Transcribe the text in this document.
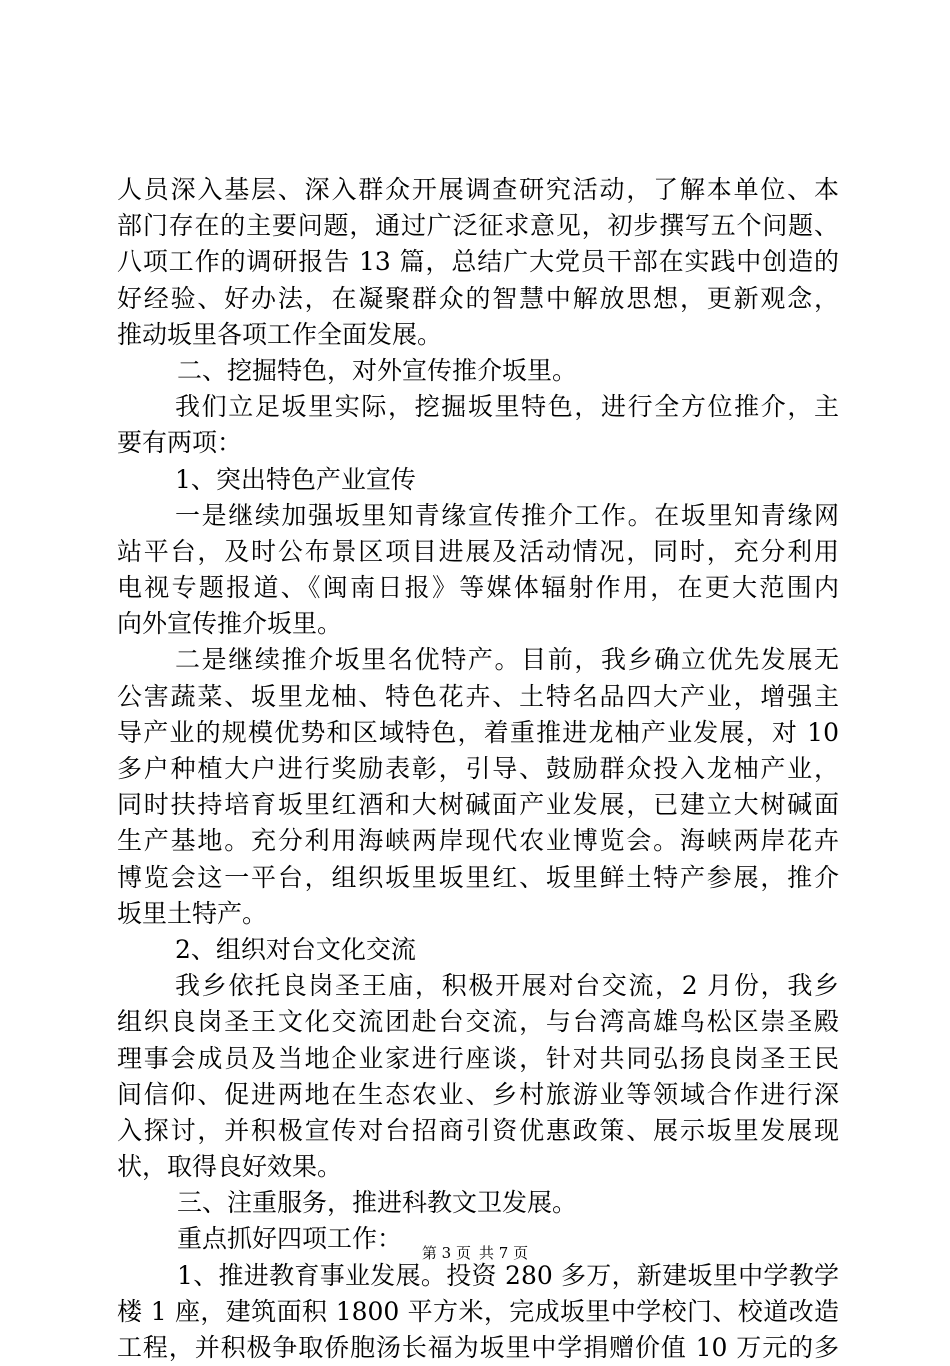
人员深入基层、深入群众开展调查研究活动，了解本单位、本
部门存在的主要问题，通过广泛征求意见，初步撰写五个问题、
八项工作的调研报告 13 篇，总结广大党员干部在实践中创造的
好经验、好办法，在凝聚群众的智慧中解放思想，更新观念，
推动坂里各项工作全面发展。
二、挖掘特色，对外宣传推介坂里。
我们立足坂里实际，挖掘坂里特色，进行全方位推介，主
要有两项：
1、突出特色产业宣传
一是继续加强坂里知青缘宣传推介工作。在坂里知青缘网
站平台，及时公布景区项目进展及活动情况，同时，充分利用
电视专题报道、《闽南日报》等媒体辐射作用，在更大范围内
向外宣传推介坂里。
二是继续推介坂里名优特产。目前，我乡确立优先发展无
公害蔬菜、坂里龙柚、特色花卉、土特名品四大产业，增强主
导产业的规模优势和区域特色，着重推进龙柚产业发展，对 10
多户种植大户进行奖励表彰，引导、鼓励群众投入龙柚产业，
同时扶持培育坂里红酒和大树碱面产业发展，已建立大树碱面
生产基地。充分利用海峡两岸现代农业博览会。海峡两岸花卉
博览会这一平台，组织坂里坂里红、坂里鲜土特产参展，推介
坂里土特产。
2、组织对台文化交流
我乡依托良岗圣王庙，积极开展对台交流，2 月份，我乡
组织良岗圣王文化交流团赴台交流，与台湾高雄鸟松区崇圣殿
理事会成员及当地企业家进行座谈，针对共同弘扬良岗圣王民
间信仰、促进两地在生态农业、乡村旅游业等领域合作进行深
入探讨，并积极宣传对台招商引资优惠政策、展示坂里发展现
状，取得良好效果。
三、注重服务，推进科教文卫发展。
重点抓好四项工作：
1、推进教育事业发展。投资 280 多万，新建坂里中学教学
楼 1 座，建筑面积 1800 平方米，完成坂里中学校门、校道改造
工程，并积极争取侨胞汤长福为坂里中学捐赠价值 10 万元的多
第 3 页 共 7 页
